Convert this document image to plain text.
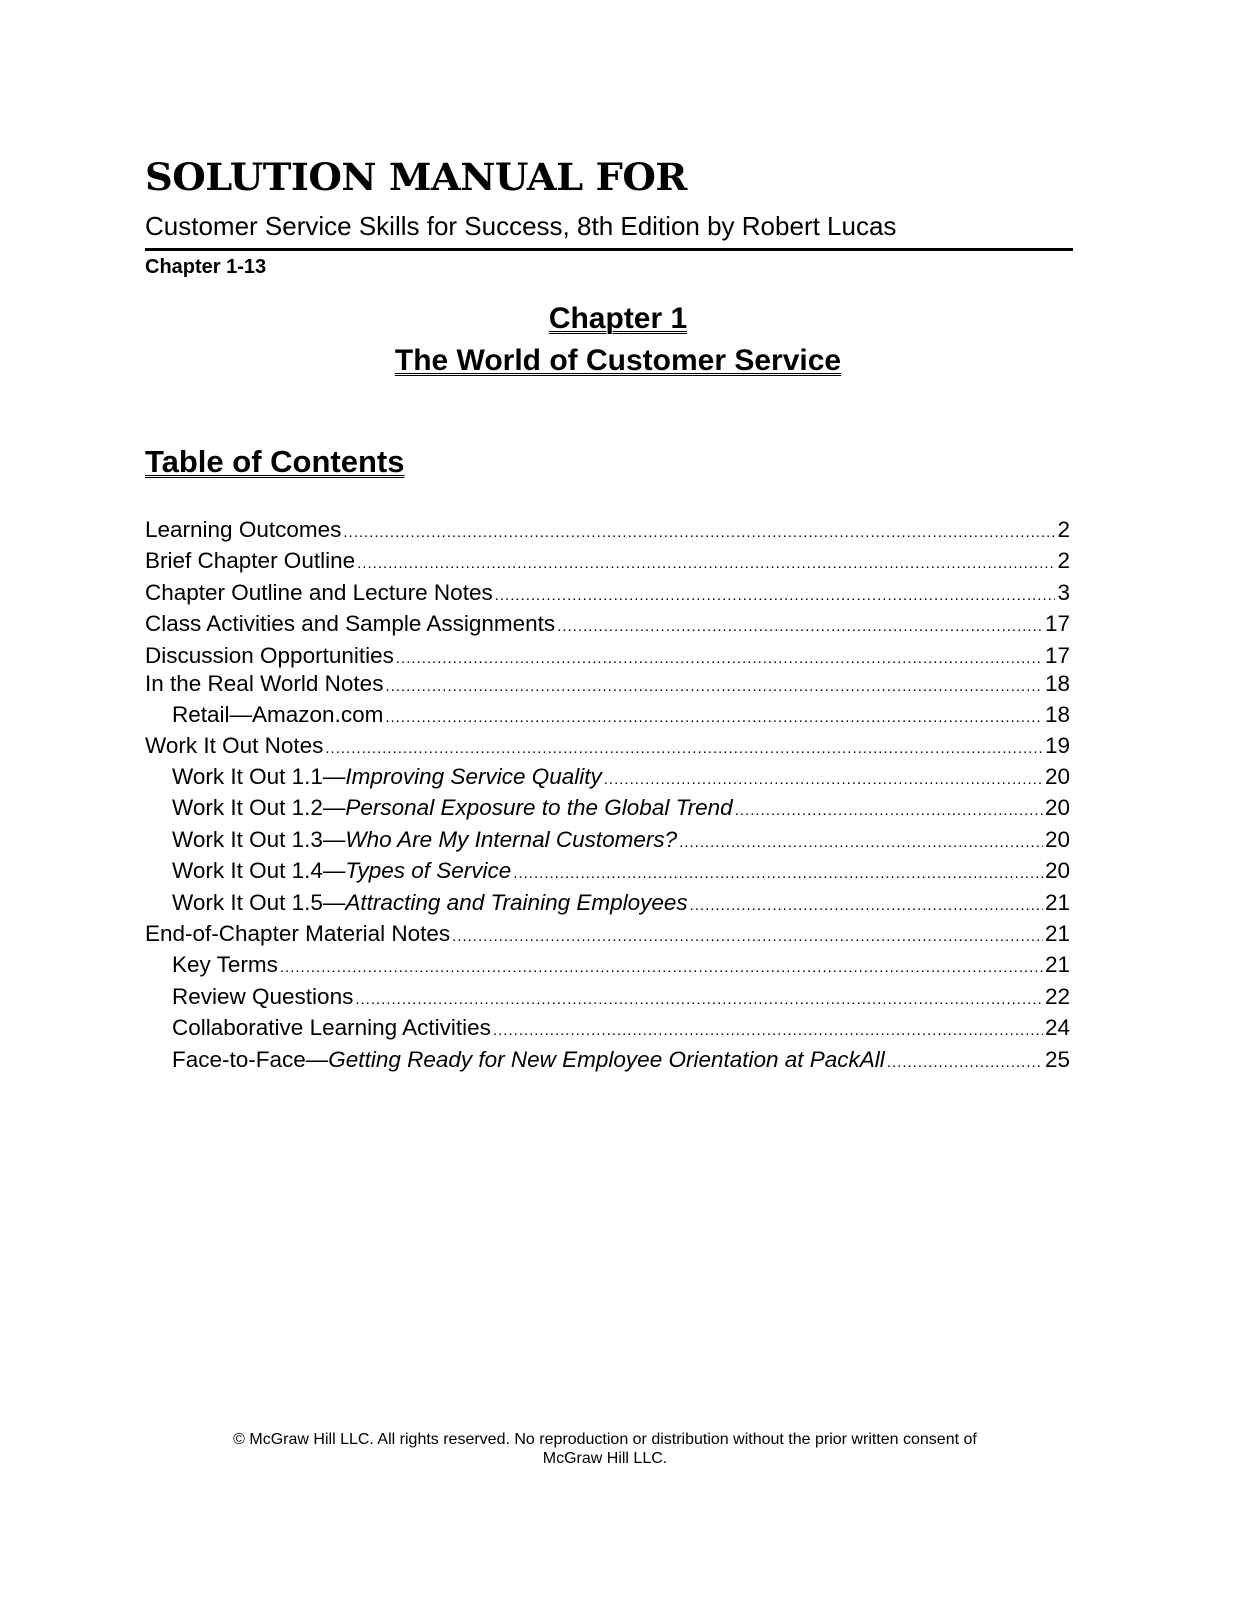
SOLUTION MANUAL FOR

Customer Service Skills for Success, 8th Edition by Robert Lucas

Chapter 1-13

Chapter 1
The World of Customer Service
Table of Contents
Learning Outcomes .....	2
Brief Chapter Outline .....	2
Chapter Outline and Lecture Notes .....	3
Class Activities and Sample Assignments .....	17
Discussion Opportunities .....	17
In the Real World Notes .....	18
Retail—Amazon.com .....	18
Work It Out Notes .....	19
Work It Out 1.1—Improving Service Quality .....	20
Work It Out 1.2—Personal Exposure to the Global Trend .....	20
Work It Out 1.3—Who Are My Internal Customers? .....	20
Work It Out 1.4—Types of Service .....	20
Work It Out 1.5—Attracting and Training Employees .....	21
End-of-Chapter Material Notes .....	21
Key Terms .....	21
Review Questions .....	22
Collaborative Learning Activities .....	24
Face-to-Face—Getting Ready for New Employee Orientation at PackAll .....	25

© McGraw Hill LLC. All rights reserved. No reproduction or distribution without the prior written consent of
McGraw Hill LLC.
